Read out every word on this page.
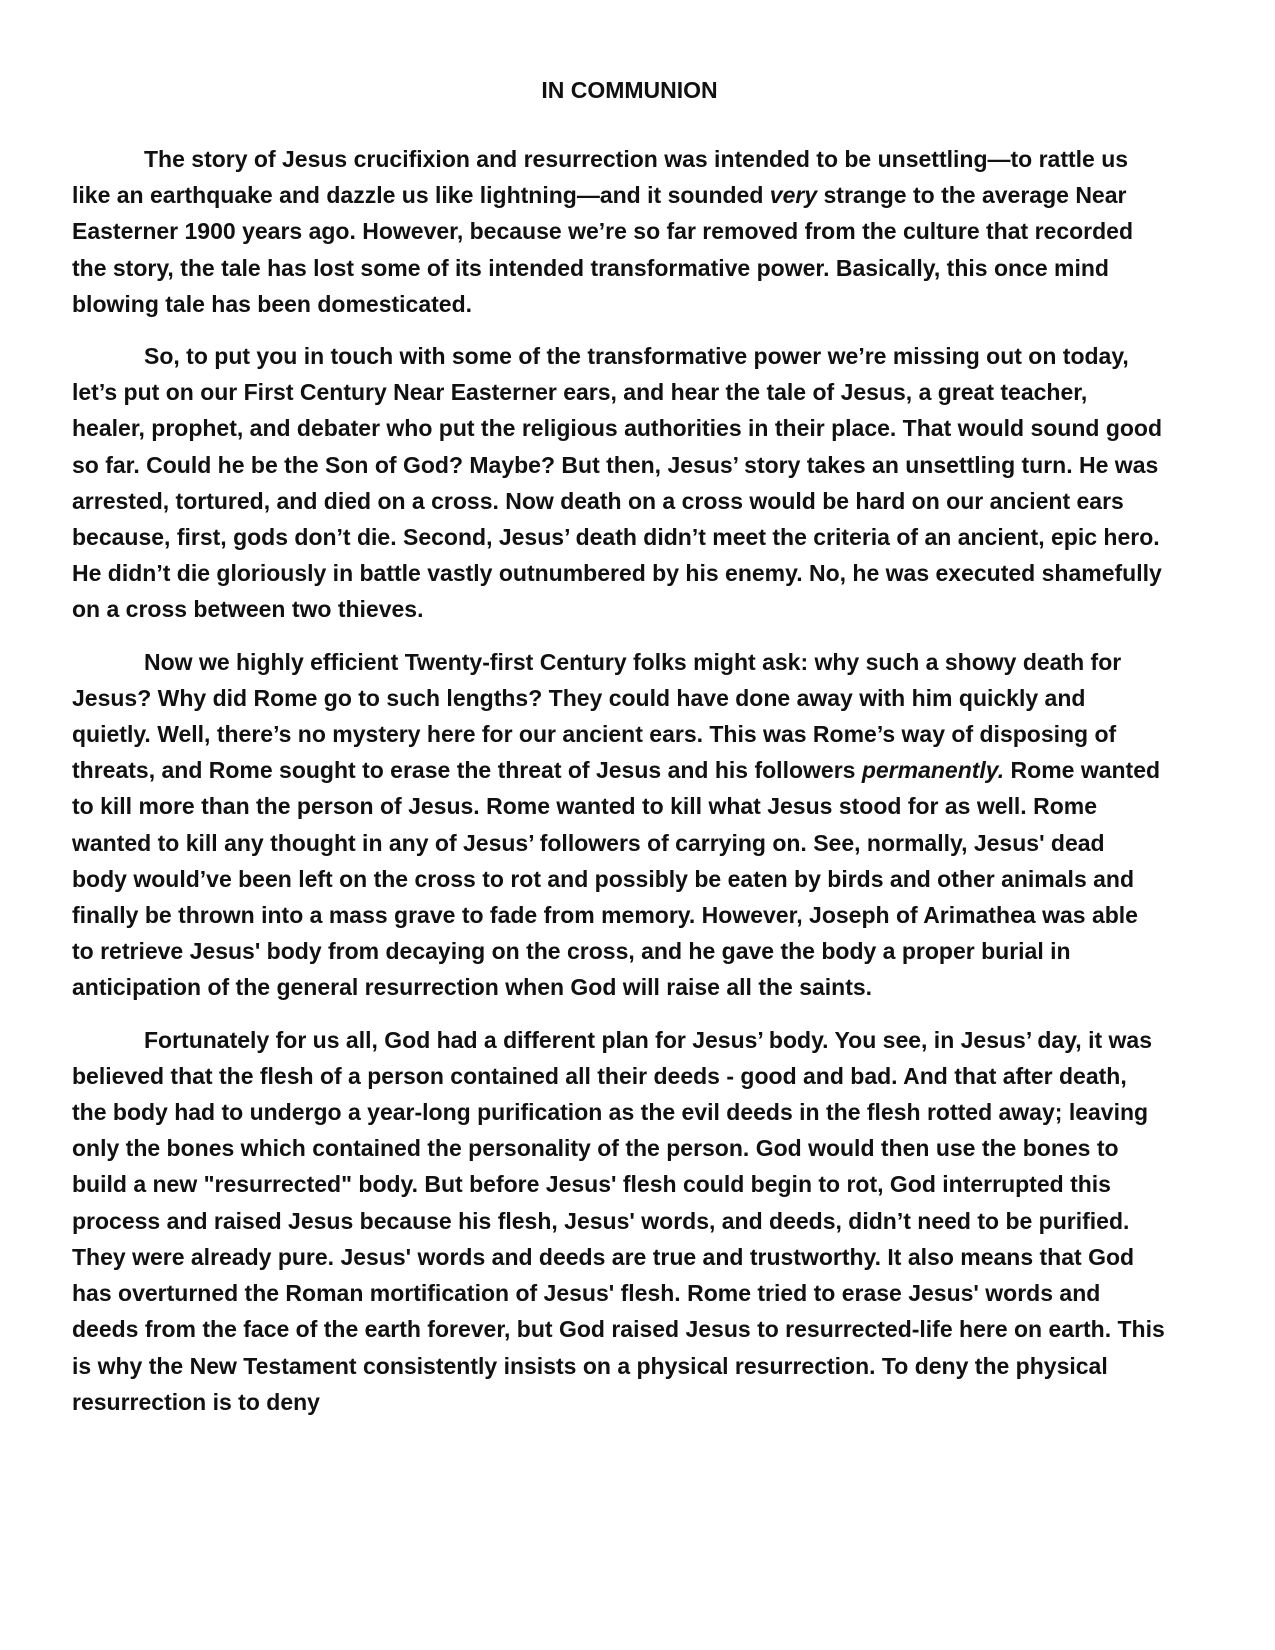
IN COMMUNION

The story of Jesus crucifixion and resurrection was intended to be unsettling—to rattle us like an earthquake and dazzle us like lightning—and it sounded very strange to the average Near Easterner 1900 years ago. However, because we’re so far removed from the culture that recorded the story, the tale has lost some of its intended transformative power. Basically, this once mind blowing tale has been domesticated.

So, to put you in touch with some of the transformative power we’re missing out on today, let’s put on our First Century Near Easterner ears, and hear the tale of Jesus, a great teacher, healer, prophet, and debater who put the religious authorities in their place. That would sound good so far. Could he be the Son of God? Maybe? But then, Jesus’ story takes an unsettling turn. He was arrested, tortured, and died on a cross. Now death on a cross would be hard on our ancient ears because, first, gods don’t die. Second, Jesus’ death didn’t meet the criteria of an ancient, epic hero. He didn’t die gloriously in battle vastly outnumbered by his enemy. No, he was executed shamefully on a cross between two thieves.

Now we highly efficient Twenty-first Century folks might ask: why such a showy death for Jesus? Why did Rome go to such lengths? They could have done away with him quickly and quietly. Well, there’s no mystery here for our ancient ears. This was Rome’s way of disposing of threats, and Rome sought to erase the threat of Jesus and his followers permanently. Rome wanted to kill more than the person of Jesus. Rome wanted to kill what Jesus stood for as well. Rome wanted to kill any thought in any of Jesus’ followers of carrying on. See, normally, Jesus' dead body would’ve been left on the cross to rot and possibly be eaten by birds and other animals and finally be thrown into a mass grave to fade from memory. However, Joseph of Arimathea was able to retrieve Jesus' body from decaying on the cross, and he gave the body a proper burial in anticipation of the general resurrection when God will raise all the saints.

Fortunately for us all, God had a different plan for Jesus’ body. You see, in Jesus’ day, it was believed that the flesh of a person contained all their deeds - good and bad. And that after death, the body had to undergo a year-long purification as the evil deeds in the flesh rotted away; leaving only the bones which contained the personality of the person. God would then use the bones to build a new "resurrected" body. But before Jesus' flesh could begin to rot, God interrupted this process and raised Jesus because his flesh, Jesus' words, and deeds, didn’t need to be purified. They were already pure. Jesus' words and deeds are true and trustworthy. It also means that God has overturned the Roman mortification of Jesus' flesh. Rome tried to erase Jesus' words and deeds from the face of the earth forever, but God raised Jesus to resurrected-life here on earth. This is why the New Testament consistently insists on a physical resurrection. To deny the physical resurrection is to deny
